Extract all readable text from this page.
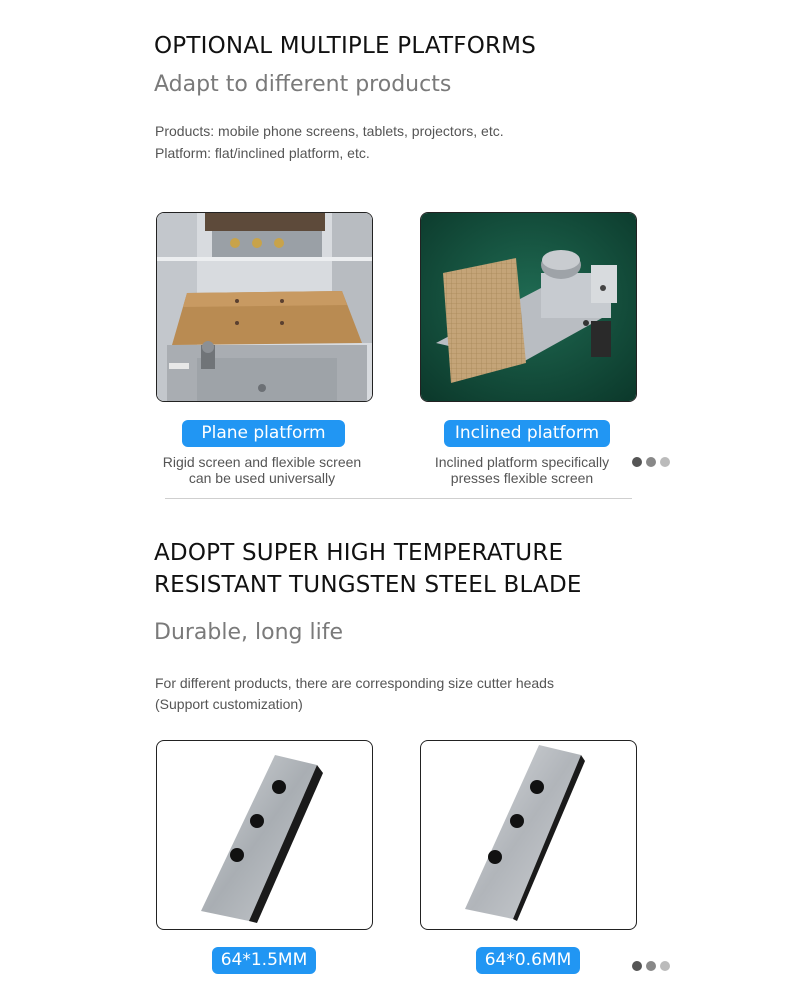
OPTIONAL MULTIPLE PLATFORMS
Adapt to different products
Products: mobile phone screens, tablets, projectors, etc.
Platform: flat/inclined platform, etc.
Plane platform	Inclined platform
Rigid screen and flexible screen
can be used universally
Inclined platform specifically
presses flexible screen
ADOPT SUPER HIGH TEMPERATURE
RESISTANT TUNGSTEN STEEL BLADE
Durable, long life
For different products, there are corresponding size cutter heads
(Support customization)
64*1.5MM	64*0.6MM
